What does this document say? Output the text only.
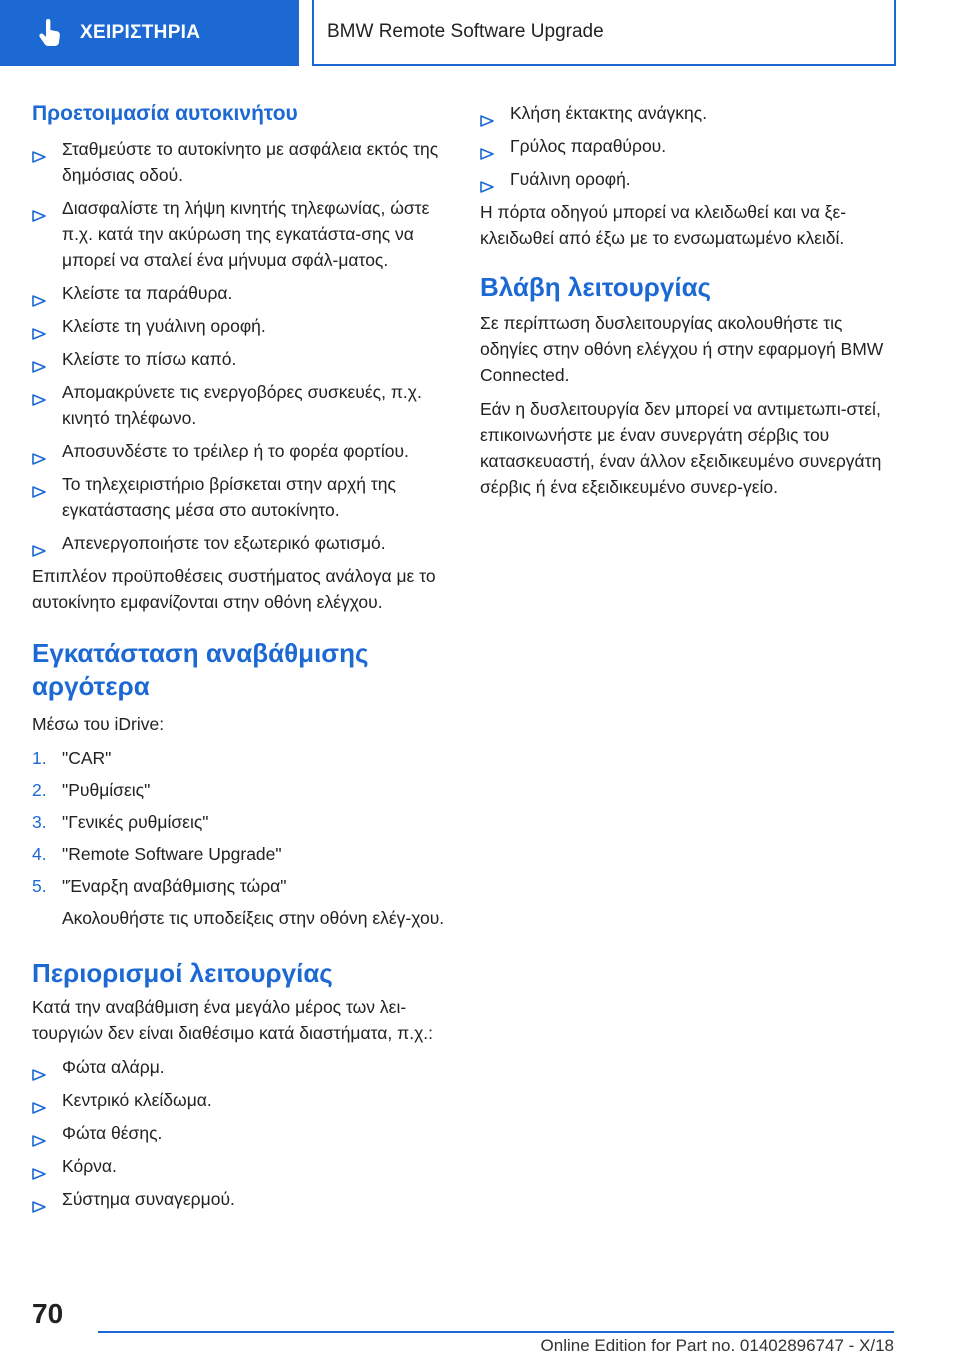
ΧΕΙΡΙΣΤΗΡΙΑ	BMW Remote Software Upgrade
Προετοιμασία αυτοκινήτου
Σταθμεύστε το αυτοκίνητο με ασφάλεια εκτός της δημόσιας οδού.
Διασφαλίστε τη λήψη κινητής τηλεφωνίας, ώστε π.χ. κατά την ακύρωση της εγκατάστα-σης να μπορεί να σταλεί ένα μήνυμα σφάλ-ματος.
Κλείστε τα παράθυρα.
Κλείστε τη γυάλινη οροφή.
Κλείστε το πίσω καπό.
Απομακρύνετε τις ενεργοβόρες συσκευές, π.χ. κινητό τηλέφωνο.
Αποσυνδέστε το τρέιλερ ή το φορέα φορτίου.
Το τηλεχειριστήριο βρίσκεται στην αρχή της εγκατάστασης μέσα στο αυτοκίνητο.
Απενεργοποιήστε τον εξωτερικό φωτισμό.

Επιπλέον προϋποθέσεις συστήματος ανάλογα με το αυτοκίνητο εμφανίζονται στην οθόνη ελέγχου.

Εγκατάσταση αναβάθμισης
αργότερα

Μέσω του iDrive:

1. "CAR"
2. "Ρυθμίσεις"
3. "Γενικές ρυθμίσεις"
4. "Remote Software Upgrade"
5. "Έναρξη αναβάθμισης τώρα"
Ακολουθήστε τις υποδείξεις στην οθόνη ελέγ-χου.
Περιορισμοί λειτουργίας

Κατά την αναβάθμιση ένα μεγάλο μέρος των λει-τουργιών δεν είναι διαθέσιμο κατά διαστήματα, π.χ.:

Φώτα αλάρμ.
Κεντρικό κλείδωμα.
Φώτα θέσης.
Κόρνα.
Σύστημα συναγερμού.
Κλήση έκτακτης ανάγκης.
Γρύλος παραθύρου.
Γυάλινη οροφή.

Η πόρτα οδηγού μπορεί να κλειδωθεί και να ξε-κλειδωθεί από έξω με το ενσωματωμένο κλειδί.

Βλάβη λειτουργίας

Σε περίπτωση δυσλειτουργίας ακολουθήστε τις οδηγίες στην οθόνη ελέγχου ή στην εφαρμογή BMW Connected.

Εάν η δυσλειτουργία δεν μπορεί να αντιμετωπι-στεί, επικοινωνήστε με έναν συνεργάτη σέρβις του κατασκευαστή, έναν άλλον εξειδικευμένο συνεργάτη σέρβις ή ένα εξειδικευμένο συνερ-γείο.

70
Online Edition for Part no. 01402896747 - X/18
